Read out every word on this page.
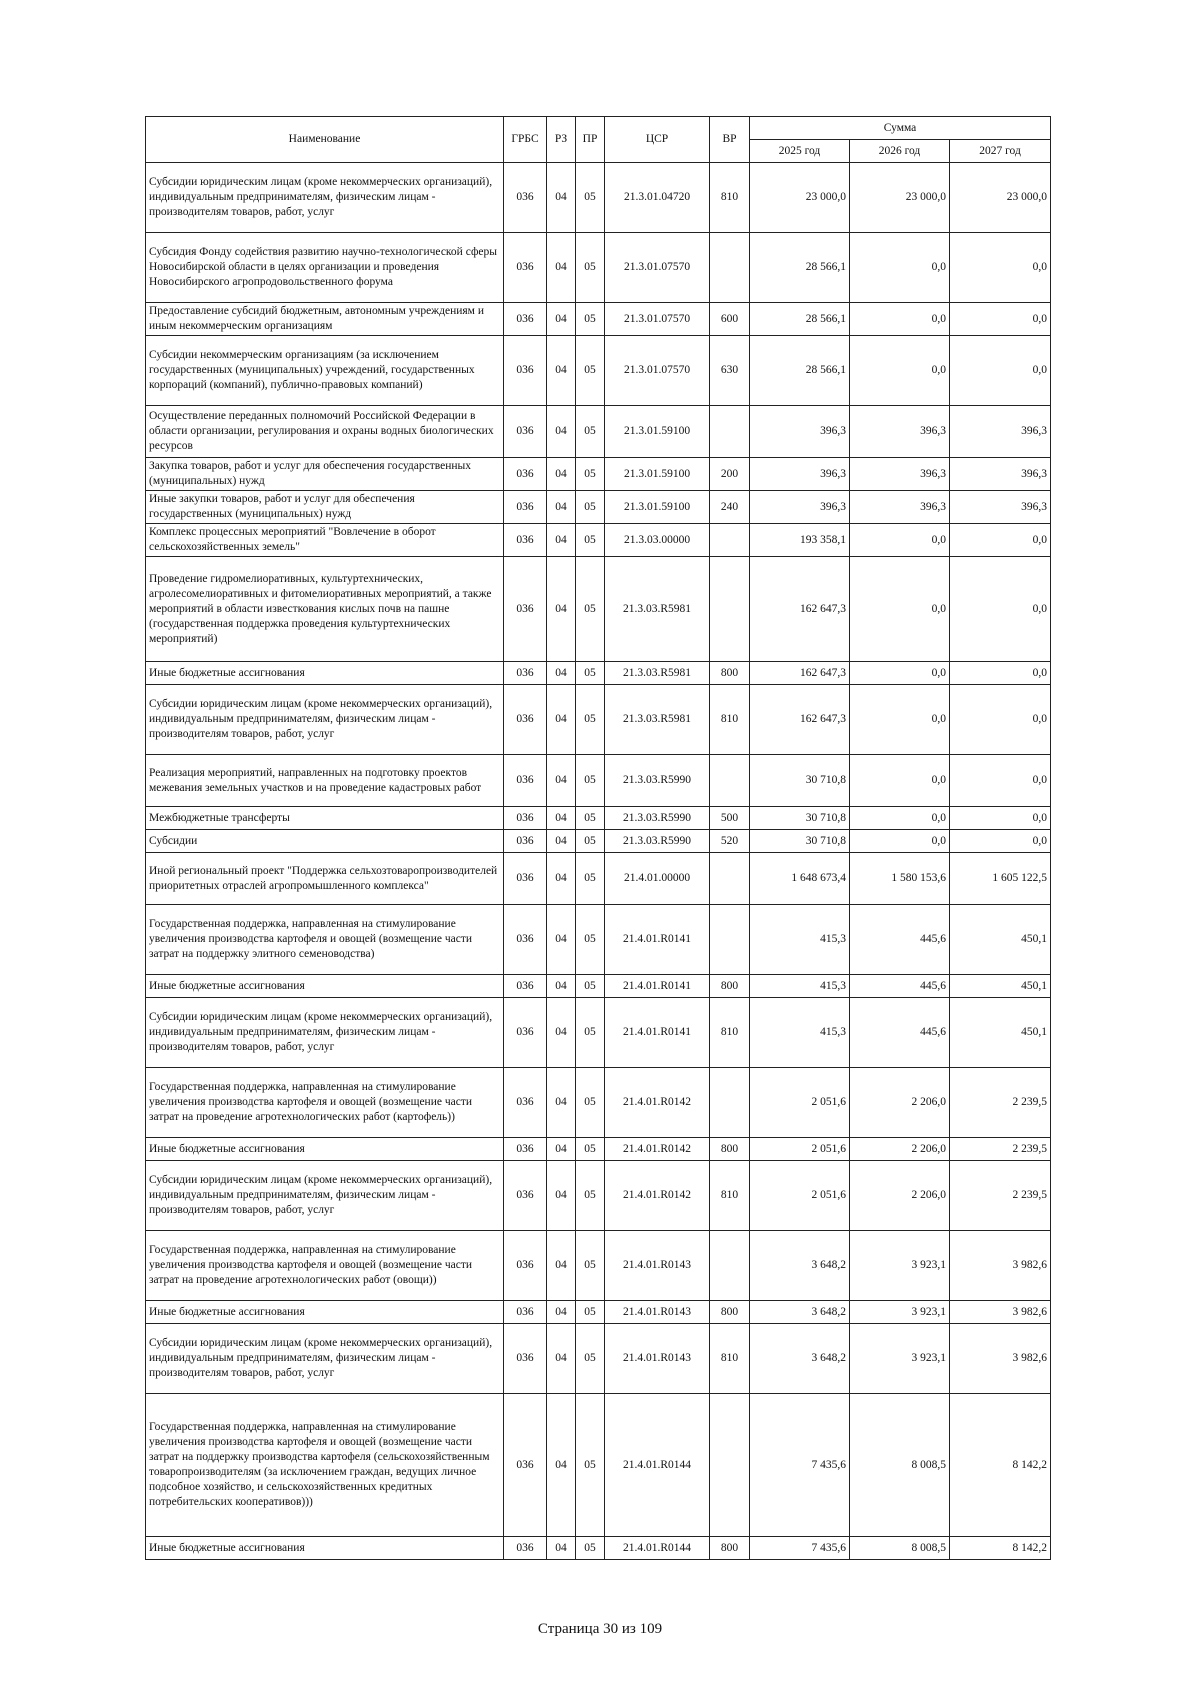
Наименование	ГРБС	РЗ	ПР	ЦСР	ВР	Сумма		
						2025 год	2026 год	2027 год
Субсидии юридическим лицам (кроме некоммерческих организаций), индивидуальным предпринимателям, физическим лицам - производителям товаров, работ, услуг	036	04	05	21.3.01.04720	810	23 000,0	23 000,0	23 000,0
Субсидия Фонду содействия развитию научно-технологической сферы Новосибирской области в целях организации и проведения Новосибирского агропродовольственного форума	036	04	05	21.3.01.07570		28 566,1	0,0	0,0
Предоставление субсидий бюджетным, автономным учреждениям и иным некоммерческим организациям	036	04	05	21.3.01.07570	600	28 566,1	0,0	0,0
Субсидии некоммерческим организациям (за исключением государственных (муниципальных) учреждений, государственных корпораций (компаний), публично-правовых компаний)	036	04	05	21.3.01.07570	630	28 566,1	0,0	0,0
Осуществление переданных полномочий Российской Федерации в области организации, регулирования и охраны водных биологических ресурсов	036	04	05	21.3.01.59100		396,3	396,3	396,3
Закупка товаров, работ и услуг для обеспечения государственных (муниципальных) нужд	036	04	05	21.3.01.59100	200	396,3	396,3	396,3
Иные закупки товаров, работ и услуг для обеспечения государственных (муниципальных) нужд	036	04	05	21.3.01.59100	240	396,3	396,3	396,3
Комплекс процессных мероприятий "Вовлечение в оборот сельскохозяйственных земель"	036	04	05	21.3.03.00000		193 358,1	0,0	0,0
Проведение гидромелиоративных, культуртехнических, агролесомелиоративных и фитомелиоративных мероприятий, а также мероприятий в области известкования кислых почв на пашне (государственная поддержка проведения культуртехнических мероприятий)	036	04	05	21.3.03.R5981		162 647,3	0,0	0,0
Иные бюджетные ассигнования	036	04	05	21.3.03.R5981	800	162 647,3	0,0	0,0
Субсидии юридическим лицам (кроме некоммерческих организаций), индивидуальным предпринимателям, физическим лицам - производителям товаров, работ, услуг	036	04	05	21.3.03.R5981	810	162 647,3	0,0	0,0
Реализация мероприятий, направленных на подготовку проектов межевания земельных участков и на проведение кадастровых работ	036	04	05	21.3.03.R5990		30 710,8	0,0	0,0
Межбюджетные трансферты	036	04	05	21.3.03.R5990	500	30 710,8	0,0	0,0
Субсидии	036	04	05	21.3.03.R5990	520	30 710,8	0,0	0,0
Иной региональный проект "Поддержка сельхозтоваропроизводителей приоритетных отраслей агропромышленного комплекса"	036	04	05	21.4.01.00000		1 648 673,4	1 580 153,6	1 605 122,5
Государственная поддержка, направленная на стимулирование увеличения производства картофеля и овощей (возмещение части затрат на поддержку элитного семеноводства)	036	04	05	21.4.01.R0141		415,3	445,6	450,1
Иные бюджетные ассигнования	036	04	05	21.4.01.R0141	800	415,3	445,6	450,1
Субсидии юридическим лицам (кроме некоммерческих организаций), индивидуальным предпринимателям, физическим лицам - производителям товаров, работ, услуг	036	04	05	21.4.01.R0141	810	415,3	445,6	450,1
Государственная поддержка, направленная на стимулирование увеличения производства картофеля и овощей (возмещение части затрат на проведение агротехнологических работ (картофель))	036	04	05	21.4.01.R0142		2 051,6	2 206,0	2 239,5
Иные бюджетные ассигнования	036	04	05	21.4.01.R0142	800	2 051,6	2 206,0	2 239,5
Субсидии юридическим лицам (кроме некоммерческих организаций), индивидуальным предпринимателям, физическим лицам - производителям товаров, работ, услуг	036	04	05	21.4.01.R0142	810	2 051,6	2 206,0	2 239,5
Государственная поддержка, направленная на стимулирование увеличения производства картофеля и овощей (возмещение части затрат на проведение агротехнологических работ (овощи))	036	04	05	21.4.01.R0143		3 648,2	3 923,1	3 982,6
Иные бюджетные ассигнования	036	04	05	21.4.01.R0143	800	3 648,2	3 923,1	3 982,6
Субсидии юридическим лицам (кроме некоммерческих организаций), индивидуальным предпринимателям, физическим лицам - производителям товаров, работ, услуг	036	04	05	21.4.01.R0143	810	3 648,2	3 923,1	3 982,6
Государственная поддержка, направленная на стимулирование увеличения производства картофеля и овощей (возмещение части затрат на поддержку производства картофеля (сельскохозяйственным товаропроизводителям (за исключением граждан, ведущих личное подсобное хозяйство, и сельскохозяйственных кредитных потребительских кооперативов)))	036	04	05	21.4.01.R0144		7 435,6	8 008,5	8 142,2
Иные бюджетные ассигнования	036	04	05	21.4.01.R0144	800	7 435,6	8 008,5	8 142,2
Страница 30 из 109
